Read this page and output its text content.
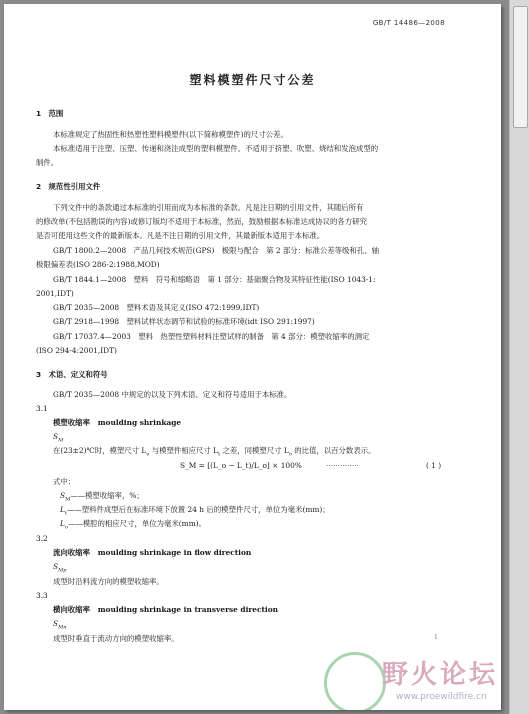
GB/T 14486—2008
塑料模塑件尺寸公差
1　范围
本标准规定了热固性和热塑性塑料模塑件(以下简称模塑件)的尺寸公差。
本标准适用于注塑、压塑、传递和浇注成型的塑料模塑件。不适用于挤塑、吹塑、烧结和发泡成型的
制件。
2　规范性引用文件
下列文件中的条款通过本标准的引用而成为本标准的条款。凡是注日期的引用文件，其随后所有
的修改单(不包括勘误的内容)或修订版均不适用于本标准，然而，鼓励根据本标准达成协议的各方研究
是否可使用这些文件的最新版本。凡是不注日期的引用文件，其最新版本适用于本标准。
GB/T 1800.2—2008　产品几何技术规范(GPS)　极限与配合　第 2 部分：标准公差等级和孔、轴
极限偏差表(ISO 286-2:1988,MOD)
GB/T 1844.1—2008　塑料　符号和缩略语　第 1 部分：基础聚合物及其特征性能(ISO 1043-1:
2001,IDT)
GB/T 2035—2008　塑料术语及其定义(ISO 472:1999,IDT)
GB/T 2918—1998　塑料试样状态调节和试验的标准环境(idt ISO 291:1997)
GB/T 17037.4—2003　塑料　热塑性塑料材料注塑试样的制备　第 4 部分：模塑收缩率的测定
(ISO 294-4:2001,IDT)
3　术语、定义和符号
GB/T 2035—2008 中规定的以及下列术语、定义和符号适用于本标准。
3.1
模塑收缩率 moulding shrinkage
$S_M$
在(23±2)℃时，模塑尺寸 $L_o$ 与模塑件相应尺寸 $L_t$ 之差，同模塑尺寸 $L_o$ 的比值，以百分数表示。
S_M = [(L_o − L_t)/L_o] × 100%	··············	( 1 )
式中：
$S_M——$模塑收缩率，%；
$L_t——$塑料件成型后在标准环境下放置 24 h 后的模塑件尺寸，单位为毫米(mm)；
$L_o——$模腔的相应尺寸，单位为毫米(mm)。
3.2
流向收缩率 moulding shrinkage in flow direction
$S_{Mp}$
成型时沿料流方向的模塑收缩率。
3.3
横向收缩率 moulding shrinkage in transverse direction
$S_{Mn}$
成型时垂直于流动方向的模塑收缩率。	1
野火论坛
www.proewildfire.cn
